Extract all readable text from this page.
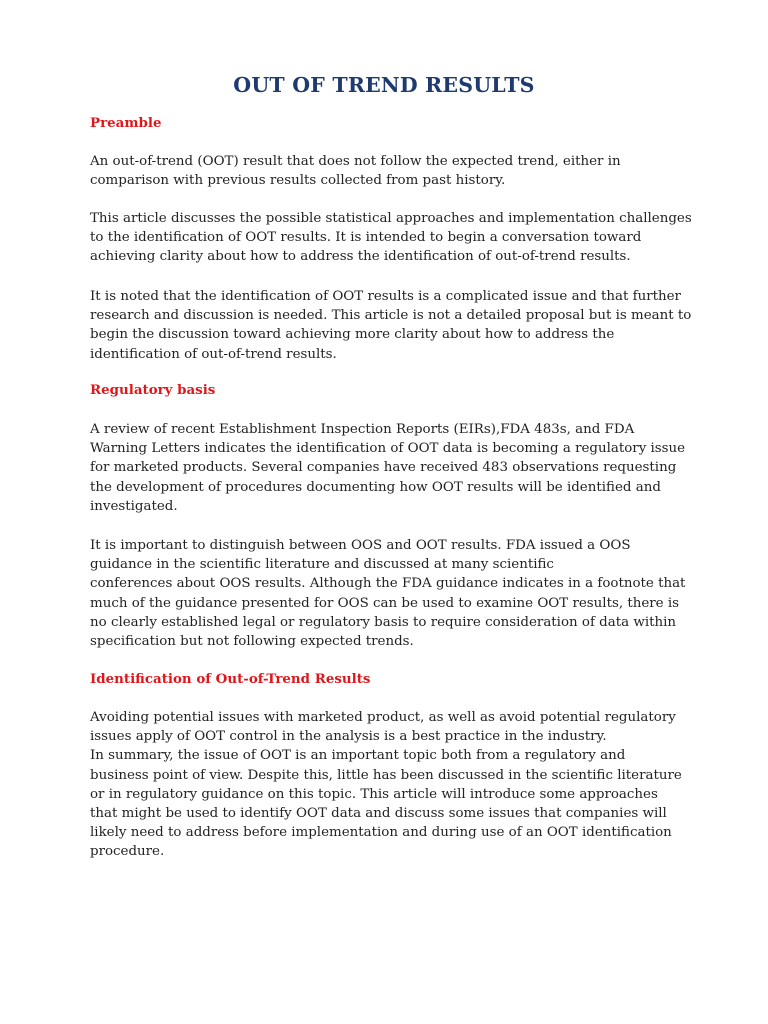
OUT OF TREND RESULTS
Preamble

An out-of-trend (OOT) result that does not follow the expected trend, either in
comparison with previous results collected from past history.

This article discusses the possible statistical approaches and implementation challenges
to the identification of OOT results. It is intended to begin a conversation toward
achieving clarity about how to address the identification of out-of-trend results.

It is noted that the identification of OOT results is a complicated issue and that further
research and discussion is needed. This article is not a detailed proposal but is meant to
begin the discussion toward achieving more clarity about how to address the
identification of out-of-trend results.

Regulatory basis

A review of recent Establishment Inspection Reports (EIRs),FDA 483s, and FDA
Warning Letters indicates the identification of OOT data is becoming a regulatory issue
for marketed products. Several companies have received 483 observations requesting
the development of procedures documenting how OOT results will be identified and
investigated.

It is important to distinguish between OOS and OOT results. FDA issued a OOS
guidance in the scientific literature and discussed at many scientific
conferences about OOS results. Although the FDA guidance indicates in a footnote that
much of the guidance presented for OOS can be used to examine OOT results, there is
no clearly established legal or regulatory basis to require consideration of data within
specification but not following expected trends.

Identification of Out-of-Trend Results

Avoiding potential issues with marketed product, as well as avoid potential regulatory
issues apply of OOT control in the analysis is a best practice in the industry.
In summary, the issue of OOT is an important topic both from a regulatory and
business point of view. Despite this, little has been discussed in the scientific literature
or in regulatory guidance on this topic. This article will introduce some approaches
that might be used to identify OOT data and discuss some issues that companies will
likely need to address before implementation and during use of an OOT identification
procedure.
